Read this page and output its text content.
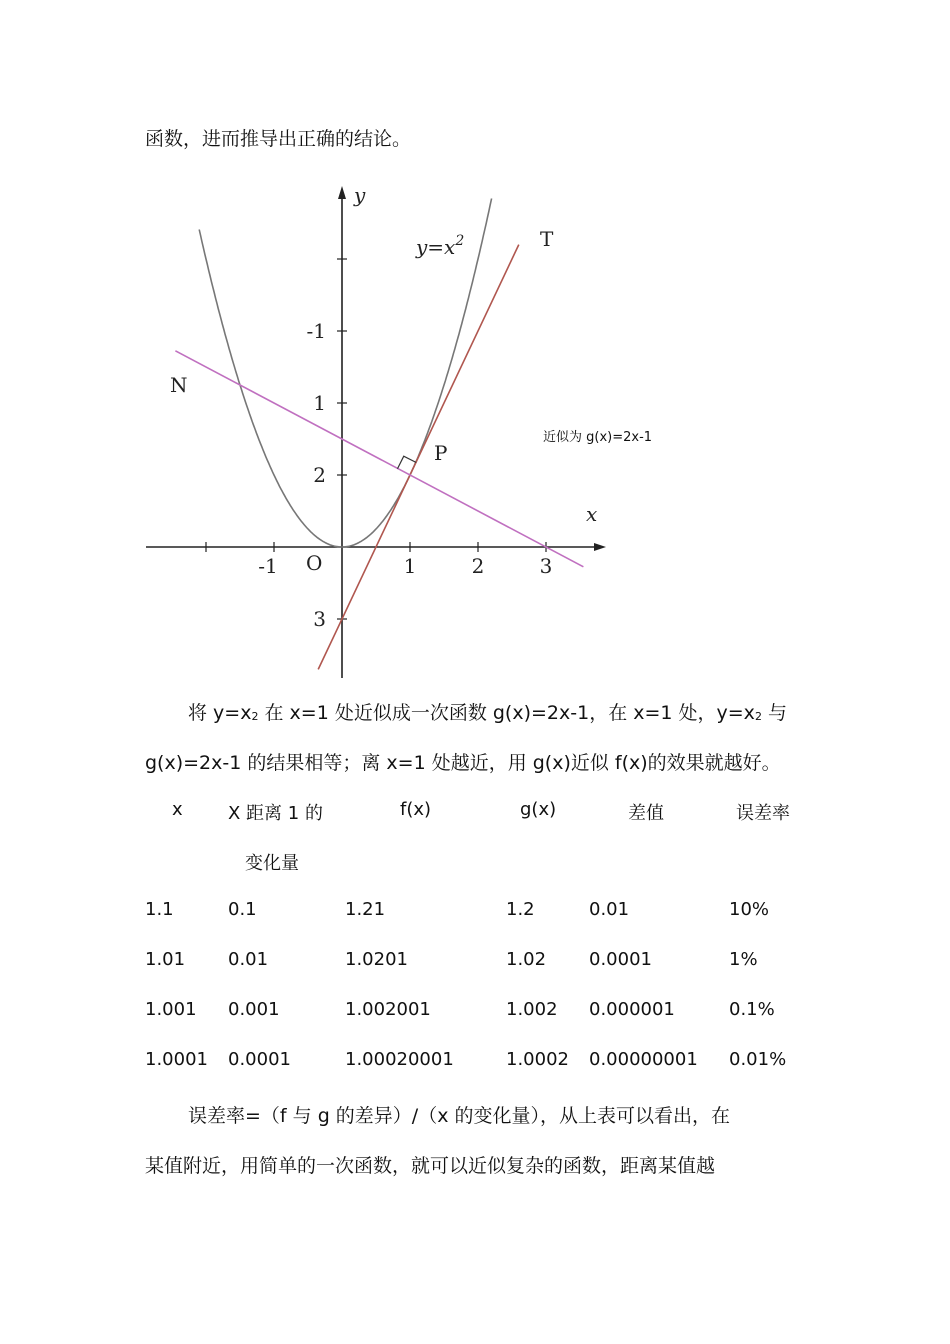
函数，进而推导出正确的结论。
-1	1	2	3
3
2
1
-1
y
x
O
$y=x^2$	T
N
P
近似为 g(x)=2x-1
将 $y=x_2$ 在 x=1 处近似成一次函数 g(x)=2x-1，在 x=1 处，$y=x_2$ 与
g(x)=2x-1 的结果相等；离 x=1 处越近，用 g(x)近似 f(x)的效果就越好。
x	X 距离 1 的
变化量
f(x)	g(x)	差值	误差率
1.1	0.1	1.21	1.2	0.01	10%
1.01 0.01	1.0201	1.02 0.0001	1%
1.001 0.001	1.002001	1.002 0.000001	0.1%
1.0001 0.0001	1.00020001	1.0002 0.00000001 0.01%
误差率=（f 与 g 的差异）/（x 的变化量），从上表可以看出，在
某值附近，用简单的一次函数，就可以近似复杂的函数，距离某值越
